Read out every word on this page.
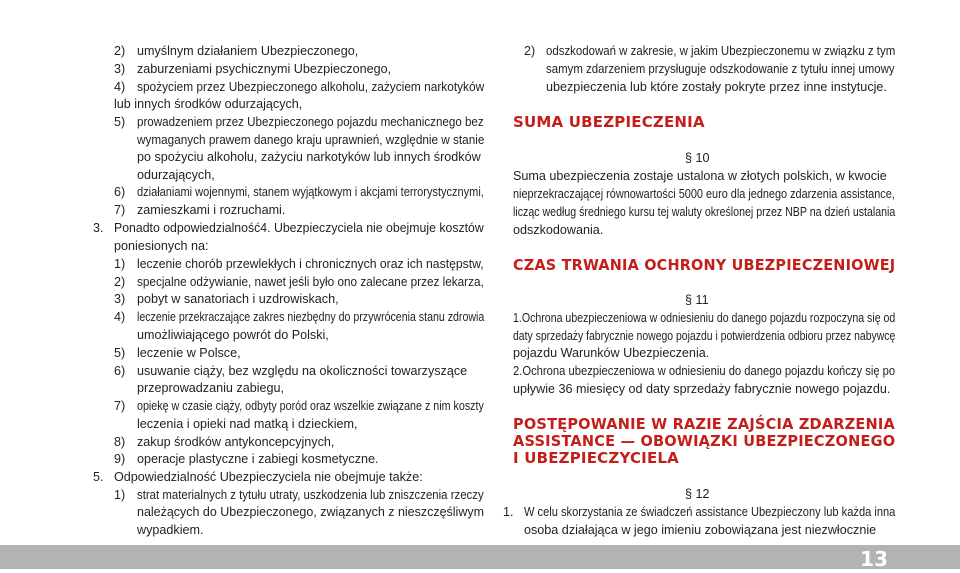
2) umyślnym działaniem Ubezpieczonego,
3) zaburzeniami psychicznymi Ubezpieczonego,
4) spożyciem przez Ubezpieczonego alkoholu, zażyciem narkotyków
lub innych środków odurzających,
5) prowadzeniem przez Ubezpieczonego pojazdu mechanicznego bez
wymaganych prawem danego kraju uprawnień, względnie w stanie
po spożyciu alkoholu, zażyciu narkotyków lub innych środków
odurzających,
6) działaniami wojennymi, stanem wyjątkowym i akcjami terrorystycznymi,
7) zamieszkami i rozruchami.
3. Ponadto odpowiedzialność4. Ubezpieczyciela nie obejmuje kosztów
poniesionych na:
1) leczenie chorób przewlekłych i chronicznych oraz ich następstw,
2) specjalne odżywianie, nawet jeśli było ono zalecane przez lekarza,
3) pobyt w sanatoriach i uzdrowiskach,
4) leczenie przekraczające zakres niezbędny do przywrócenia stanu zdrowia
umożliwiającego powrót do Polski,
5) leczenie w Polsce,
6) usuwanie ciąży, bez względu na okoliczności towarzyszące
przeprowadzaniu zabiegu,
7) opiekę w czasie ciąży, odbyty poród oraz wszelkie związane z nim koszty
leczenia i opieki nad matką i dzieckiem,
8) zakup środków antykoncepcyjnych,
9) operacje plastyczne i zabiegi kosmetyczne.
5. Odpowiedzialność Ubezpieczyciela nie obejmuje także:
1) strat materialnych z tytułu utraty, uszkodzenia lub zniszczenia rzeczy
należących do Ubezpieczonego, związanych z nieszczęśliwym
wypadkiem.
2) odszkodowań w zakresie, w jakim Ubezpieczonemu w związku z tym
samym zdarzeniem przysługuje odszkodowanie z tytułu innej umowy
ubezpieczenia lub które zostały pokryte przez inne instytucje.
SUMA UBEZPIECZENIA
§ 10
Suma ubezpieczenia zostaje ustalona w złotych polskich, w kwocie
nieprzekraczającej równowartości 5000 euro dla jednego zdarzenia assistance,
licząc według średniego kursu tej waluty określonej przez NBP na dzień ustalania
odszkodowania.
CZAS TRWANIA OCHRONY UBEZPIECZENIOWEJ
§ 11
1.Ochrona ubezpieczeniowa w odniesieniu do danego pojazdu rozpoczyna się od
daty sprzedaży fabrycznie nowego pojazdu i potwierdzenia odbioru przez nabywcę
pojazdu Warunków Ubezpieczenia.
2.Ochrona ubezpieczeniowa w odniesieniu do danego pojazdu kończy się po
upływie 36 miesięcy od daty sprzedaży fabrycznie nowego pojazdu.
POSTĘPOWANIE W RAZIE ZAJŚCIA ZDARZENIA
ASSISTANCE — OBOWIĄZKI UBEZPIECZONEGO
I UBEZPIECZYCIELA
§ 12
1. W celu skorzystania ze świadczeń assistance Ubezpieczony lub każda inna
osoba działająca w jego imieniu zobowiązana jest niezwłocznie
13
